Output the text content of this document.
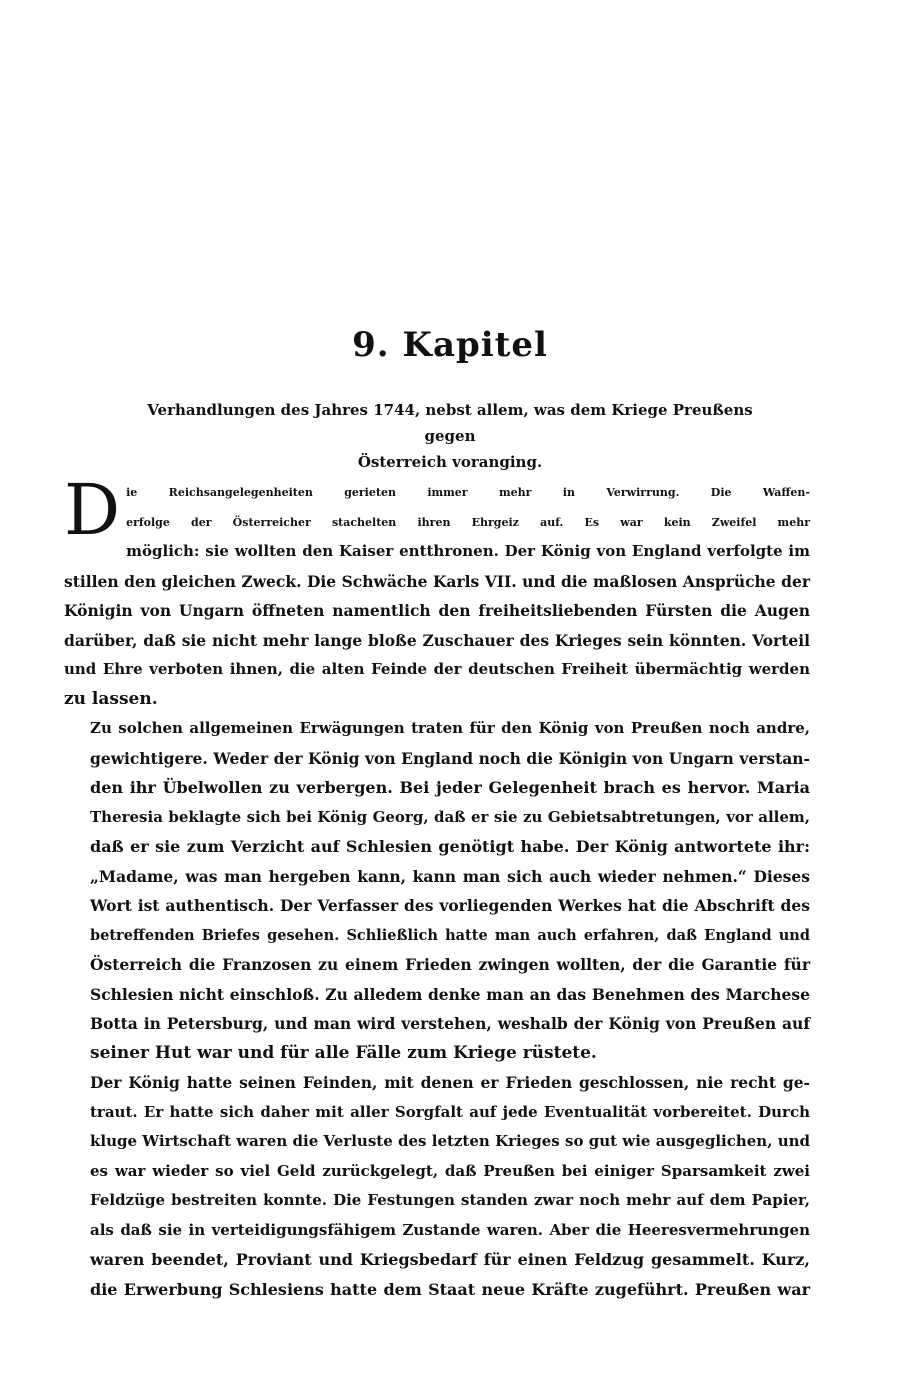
9. Kapitel
Verhandlungen des Jahres 1744, nebst allem, was dem Kriege Preußens gegen
Österreich voranging.

D ie Reichsangelegenheiten gerieten immer mehr in Verwirrung. Die Waffen-
erfolge der Österreicher stachelten ihren Ehrgeiz auf. Es war kein Zweifel mehr
möglich: sie wollten den Kaiser entthronen. Der König von England verfolgte im
stillen den gleichen Zweck. Die Schwäche Karls VII. und die maßlosen Ansprüche der
Königin von Ungarn öffneten namentlich den freiheitsliebenden Fürsten die Augen
darüber, daß sie nicht mehr lange bloße Zuschauer des Krieges sein könnten. Vorteil
und Ehre verboten ihnen, die alten Feinde der deutschen Freiheit übermächtig werden
zu lassen.

Zu solchen allgemeinen Erwägungen traten für den König von Preußen noch andre,
gewichtigere. Weder der König von England noch die Königin von Ungarn verstan-
den ihr Übelwollen zu verbergen. Bei jeder Gelegenheit brach es hervor. Maria
Theresia beklagte sich bei König Georg, daß er sie zu Gebietsabtretungen, vor allem,
daß er sie zum Verzicht auf Schlesien genötigt habe. Der König antwortete ihr:
„Madame, was man hergeben kann, kann man sich auch wieder nehmen.“ Dieses
Wort ist authentisch. Der Verfasser des vorliegenden Werkes hat die Abschrift des
betreffenden Briefes gesehen. Schließlich hatte man auch erfahren, daß England und
Österreich die Franzosen zu einem Frieden zwingen wollten, der die Garantie für
Schlesien nicht einschloß. Zu alledem denke man an das Benehmen des Marchese
Botta in Petersburg, und man wird verstehen, weshalb der König von Preußen auf
seiner Hut war und für alle Fälle zum Kriege rüstete.

Der König hatte seinen Feinden, mit denen er Frieden geschlossen, nie recht ge-
traut. Er hatte sich daher mit aller Sorgfalt auf jede Eventualität vorbereitet. Durch
kluge Wirtschaft waren die Verluste des letzten Krieges so gut wie ausgeglichen, und
es war wieder so viel Geld zurückgelegt, daß Preußen bei einiger Sparsamkeit zwei
Feldzüge bestreiten konnte. Die Festungen standen zwar noch mehr auf dem Papier,
als daß sie in verteidigungsfähigem Zustande waren. Aber die Heeresvermehrungen
waren beendet, Proviant und Kriegsbedarf für einen Feldzug gesammelt. Kurz,
die Erwerbung Schlesiens hatte dem Staat neue Kräfte zugeführt. Preußen war
